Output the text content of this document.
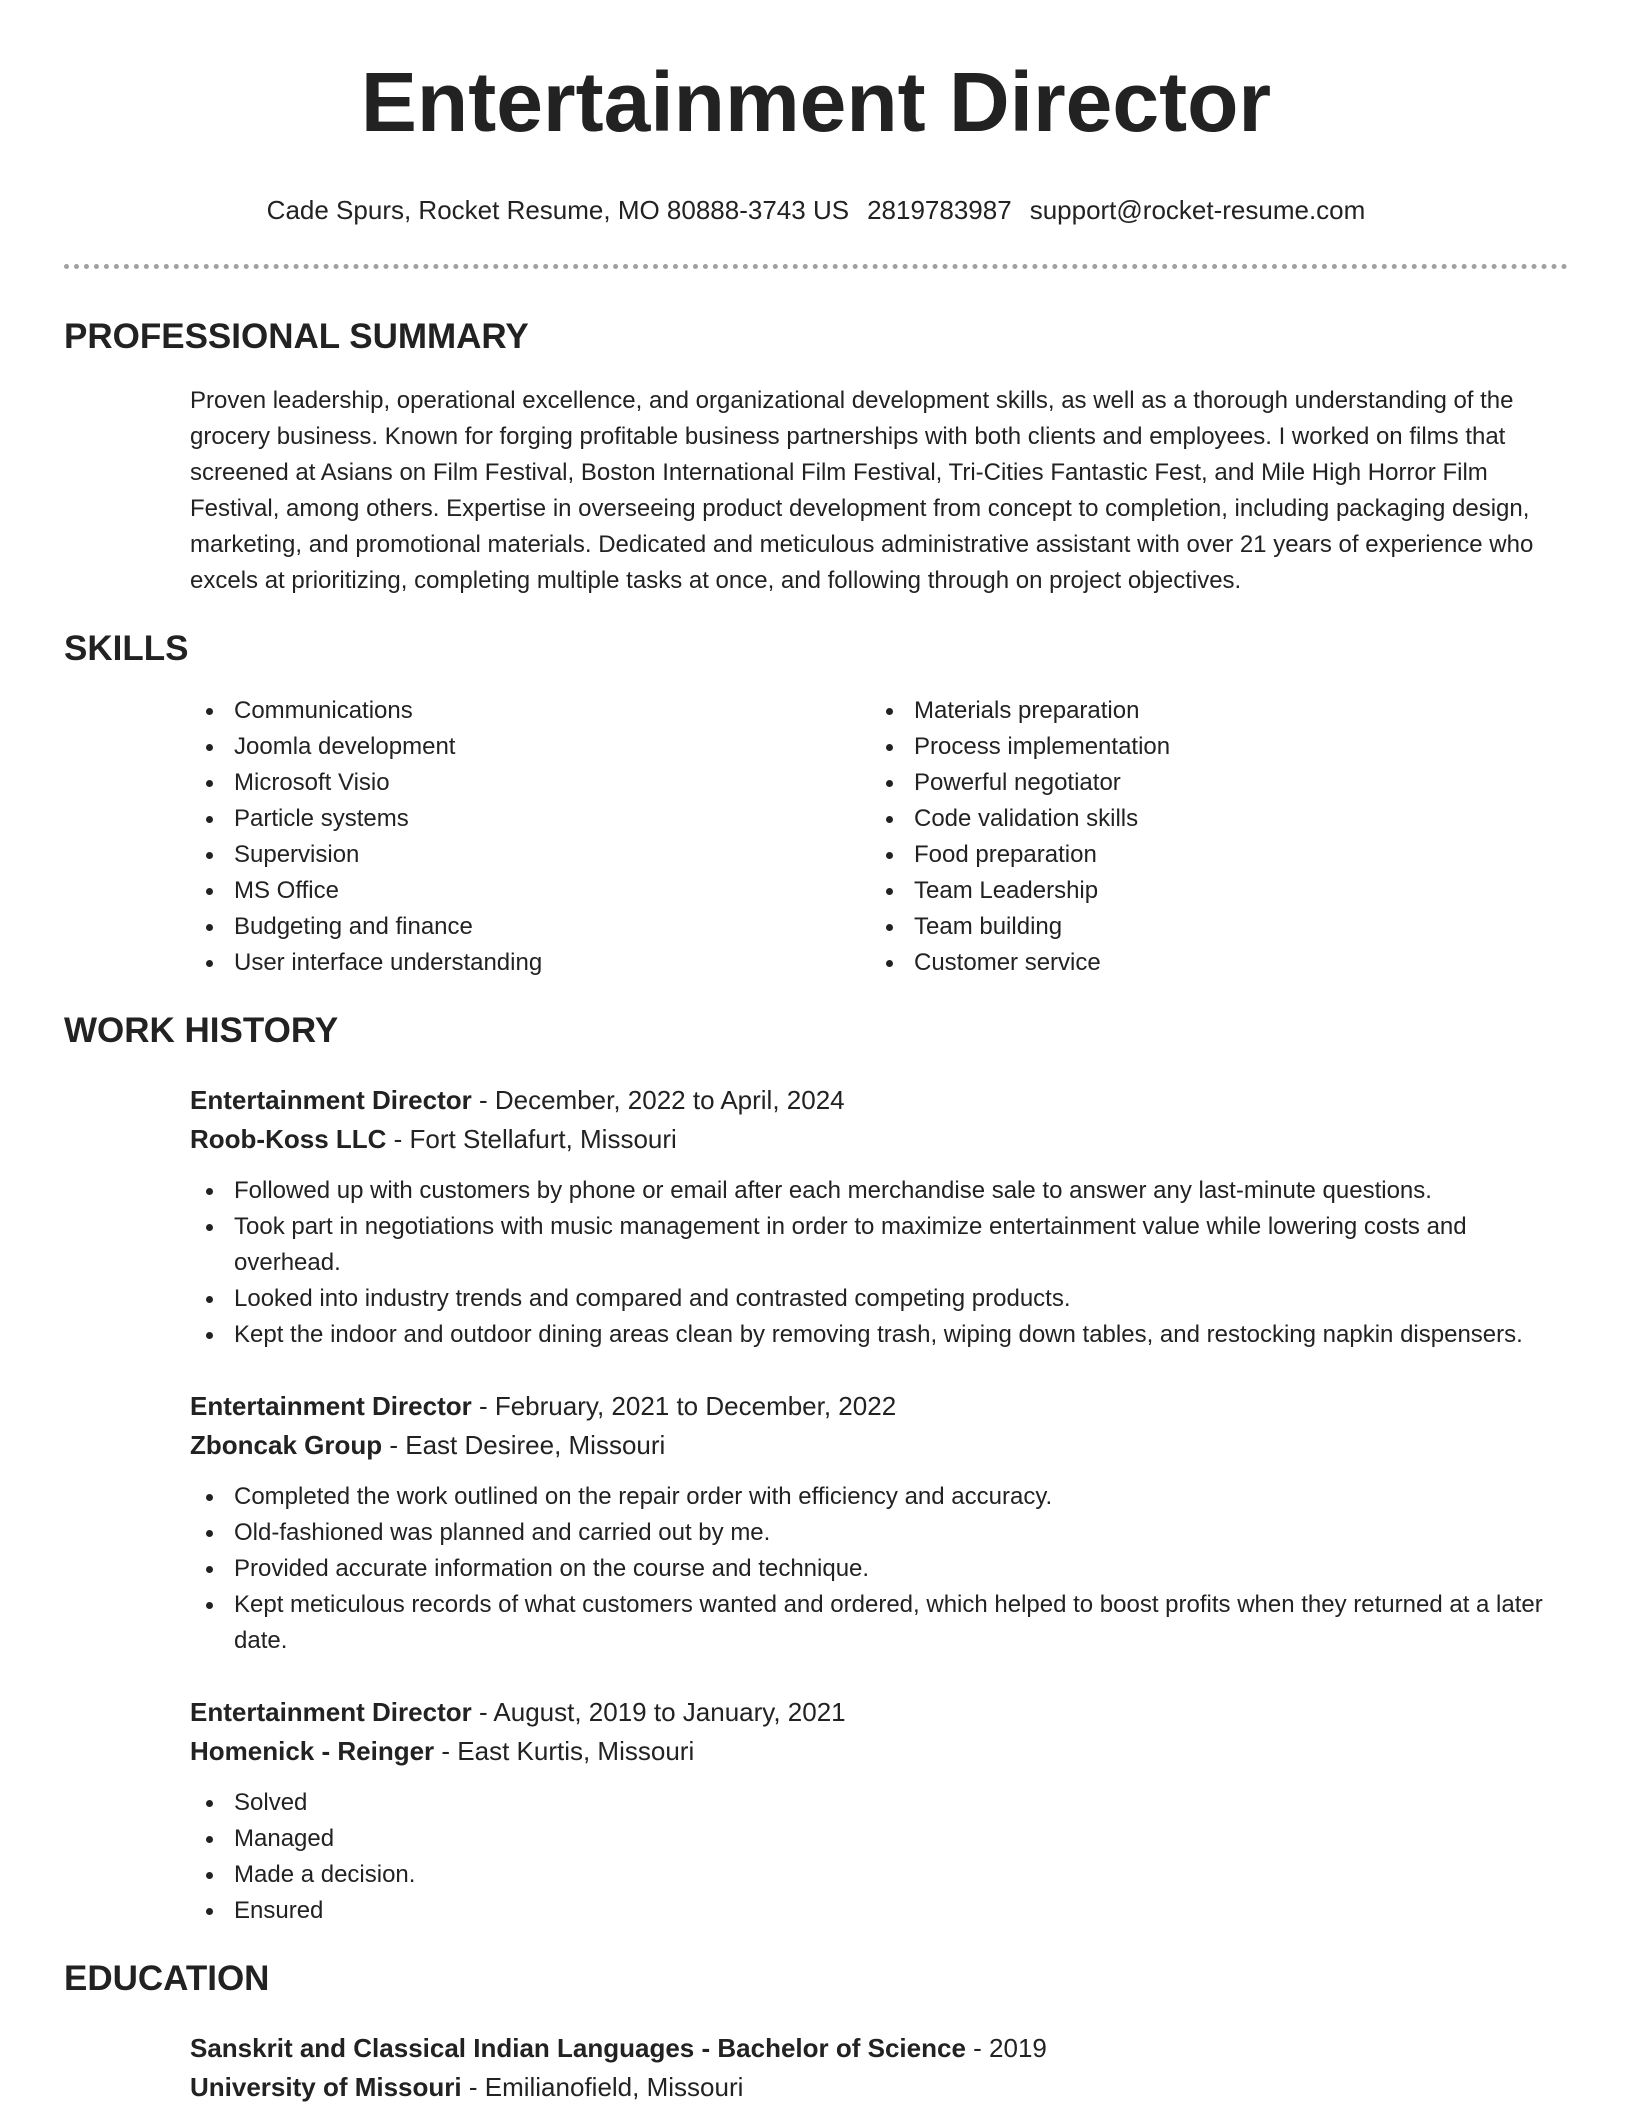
Entertainment Director
Cade Spurs, Rocket Resume, MO 80888-3743 US 2819783987 support@rocket-resume.com
PROFESSIONAL SUMMARY

Proven leadership, operational excellence, and organizational development skills, as well as a thorough understanding of the grocery business. Known for forging profitable business partnerships with both clients and employees. I worked on films that screened at Asians on Film Festival, Boston International Film Festival, Tri-Cities Fantastic Fest, and Mile High Horror Film Festival, among others. Expertise in overseeing product development from concept to completion, including packaging design, marketing, and promotional materials. Dedicated and meticulous administrative assistant with over 21 years of experience who excels at prioritizing, completing multiple tasks at once, and following through on project objectives.

SKILLS
Communications
Joomla development
Microsoft Visio
Particle systems
Supervision
MS Office
Budgeting and finance
User interface understanding
Materials preparation
Process implementation
Powerful negotiator
Code validation skills
Food preparation
Team Leadership
Team building
Customer service
WORK HISTORY
Entertainment Director - December, 2022 to April, 2024
Roob-Koss LLC - Fort Stellafurt, Missouri
Followed up with customers by phone or email after each merchandise sale to answer any last-minute questions.
Took part in negotiations with music management in order to maximize entertainment value while lowering costs and overhead.
Looked into industry trends and compared and contrasted competing products.
Kept the indoor and outdoor dining areas clean by removing trash, wiping down tables, and restocking napkin dispensers.
Entertainment Director - February, 2021 to December, 2022
Zboncak Group - East Desiree, Missouri
Completed the work outlined on the repair order with efficiency and accuracy.
Old-fashioned was planned and carried out by me.
Provided accurate information on the course and technique.
Kept meticulous records of what customers wanted and ordered, which helped to boost profits when they returned at a later date.
Entertainment Director - August, 2019 to January, 2021
Homenick - Reinger - East Kurtis, Missouri
Solved
Managed
Made a decision.
Ensured
EDUCATION
Sanskrit and Classical Indian Languages - Bachelor of Science - 2019
University of Missouri - Emilianofield, Missouri
